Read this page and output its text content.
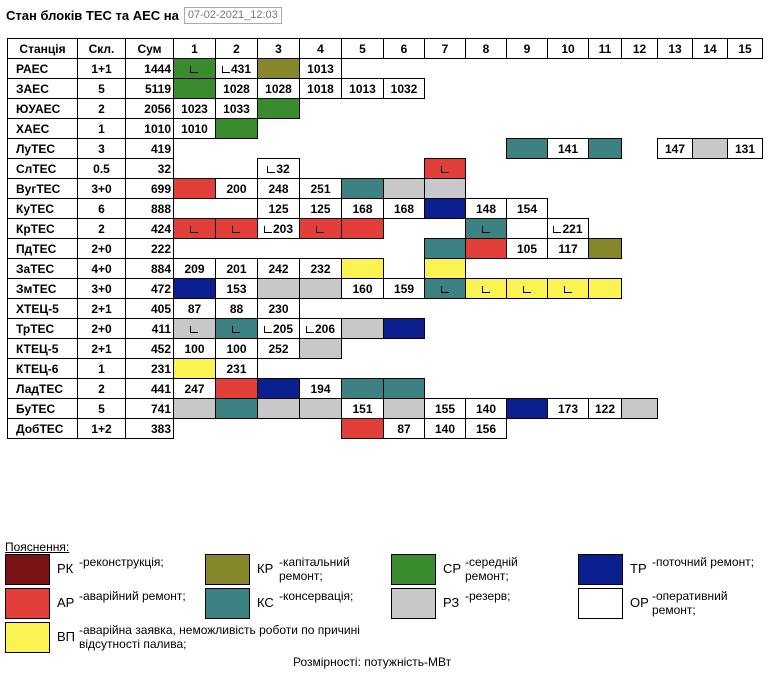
Стан блоків ТЕС та АЕС на
07-02-2021_12:03
Станція	Скл.	Сум	1	2	3	4	5	6	7	8	9	10	11	12	13	14	15
РАЕС	1+1	1444		431		1013											
ЗАЕС	5	5119		1028	1028	1018	1013	1032									
ЮУАЕС	2	2056	1023	1033													
ХАЕС	1	1010	1010														
ЛуТЕС	3	419										141			147		131
СлТЕС	0.5	32			32												
ВугТЕС	3+0	699		200	248	251											
КуТЕС	6	888			125	125	168	168		148	154						
КрТЕС	2	424			203							221					
ПдТЕС	2+0	222									105	117					
ЗаТЕС	4+0	884	209	201	242	232											
ЗмТЕС	3+0	472		153			160	159									
ХТЕЦ-5	2+1	405	87	88	230												
ТрТЕС	2+0	411			205	206											
КТЕЦ-5	2+1	452	100	100	252												
КТЕЦ-6	1	231		231													
ЛадТЕС	2	441	247			194											
БуТЕС	5	741					151		155	140		173	122				
ДобТЕС	1+2	383						87	140	156							
Пояснення:
РК -реконструкція;	КР -капітальний ремонт;	СР -середній ремонт;	ТР -поточний ремонт;
АР -аварійний ремонт;	КС -консервація;	РЗ -резерв;	ОР -оперативний ремонт;
ВП -аварійна заявка, неможливість роботи по причині відсутності палива;
Розмірності: потужність-МВт
